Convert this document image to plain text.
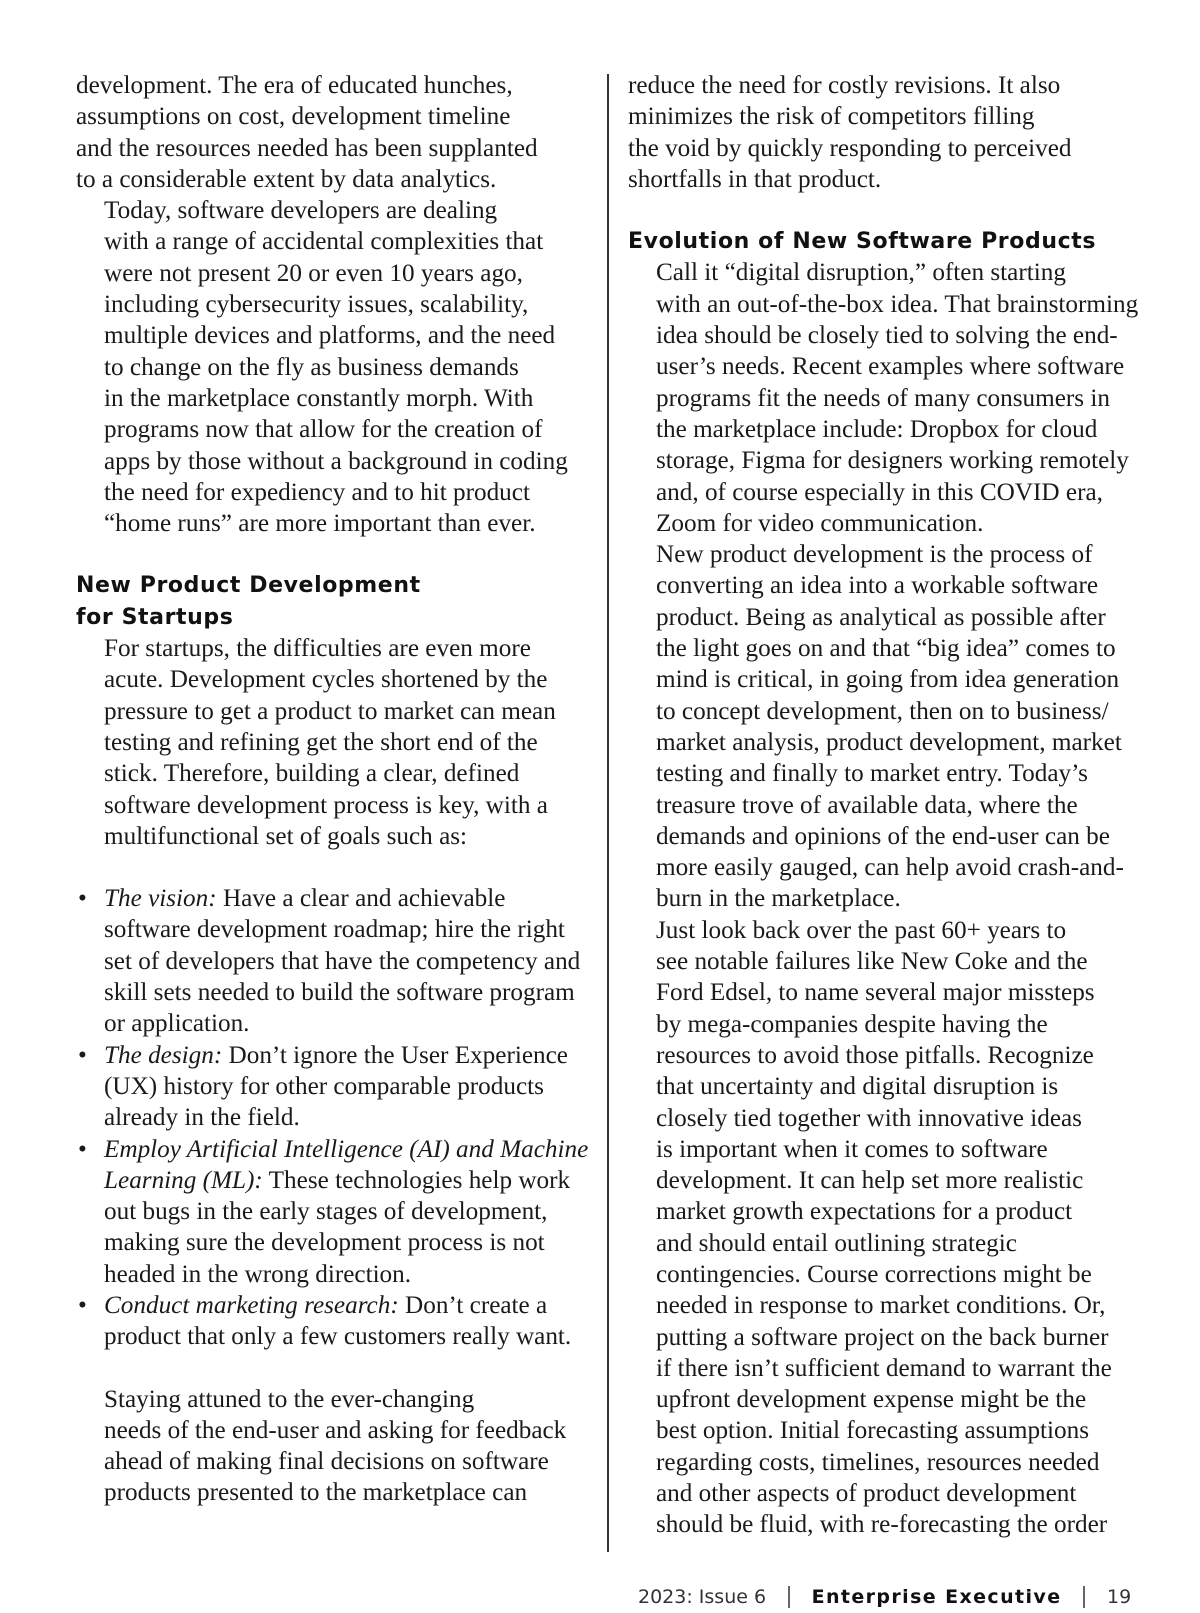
development. The era of educated hunches,
assumptions on cost, development timeline
and the resources needed has been supplanted
to a considerable extent by data analytics.

Today, software developers are dealing
with a range of accidental complexities that
were not present 20 or even 10 years ago,
including cybersecurity issues, scalability,
multiple devices and platforms, and the need
to change on the fly as business demands
in the marketplace constantly morph. With
programs now that allow for the creation of
apps by those without a background in coding
the need for expediency and to hit product
“home runs” are more important than ever.

New Product Development
for Startups

For startups, the difficulties are even more
acute. Development cycles shortened by the
pressure to get a product to market can mean
testing and refining get the short end of the
stick. Therefore, building a clear, defined
software development process is key, with a
multifunctional set of goals such as:

• The vision: Have a clear and achievable software development roadmap; hire the right set of developers that have the competency and skill sets needed to build the software program or application.
• The design: Don’t ignore the User Experience (UX) history for other comparable products already in the field.
• Employ Artificial Intelligence (AI) and Machine Learning (ML): These technologies help work out bugs in the early stages of development, making sure the development process is not headed in the wrong direction.
• Conduct marketing research: Don’t create a product that only a few customers really want.

Staying attuned to the ever-changing
needs of the end-user and asking for feedback
ahead of making final decisions on software
products presented to the marketplace can

reduce the need for costly revisions. It also
minimizes the risk of competitors filling
the void by quickly responding to perceived
shortfalls in that product.

Evolution of New Software Products

Call it “digital disruption,” often starting
with an out-of-the-box idea. That brainstorming
idea should be closely tied to solving the end-
user’s needs. Recent examples where software
programs fit the needs of many consumers in
the marketplace include: Dropbox for cloud
storage, Figma for designers working remotely
and, of course especially in this COVID era,
Zoom for video communication.

New product development is the process of
converting an idea into a workable software
product. Being as analytical as possible after
the light goes on and that “big idea” comes to
mind is critical, in going from idea generation
to concept development, then on to business/
market analysis, product development, market
testing and finally to market entry. Today’s
treasure trove of available data, where the
demands and opinions of the end-user can be
more easily gauged, can help avoid crash-and-
burn in the marketplace.

Just look back over the past 60+ years to
see notable failures like New Coke and the
Ford Edsel, to name several major missteps
by mega-companies despite having the
resources to avoid those pitfalls. Recognize
that uncertainty and digital disruption is
closely tied together with innovative ideas
is important when it comes to software
development. It can help set more realistic
market growth expectations for a product
and should entail outlining strategic
contingencies. Course corrections might be
needed in response to market conditions. Or,
putting a software project on the back burner
if there isn’t sufficient demand to warrant the
upfront development expense might be the
best option. Initial forecasting assumptions
regarding costs, timelines, resources needed
and other aspects of product development
should be fluid, with re-forecasting the order

2023: Issue 6 Enterprise Executive 19
